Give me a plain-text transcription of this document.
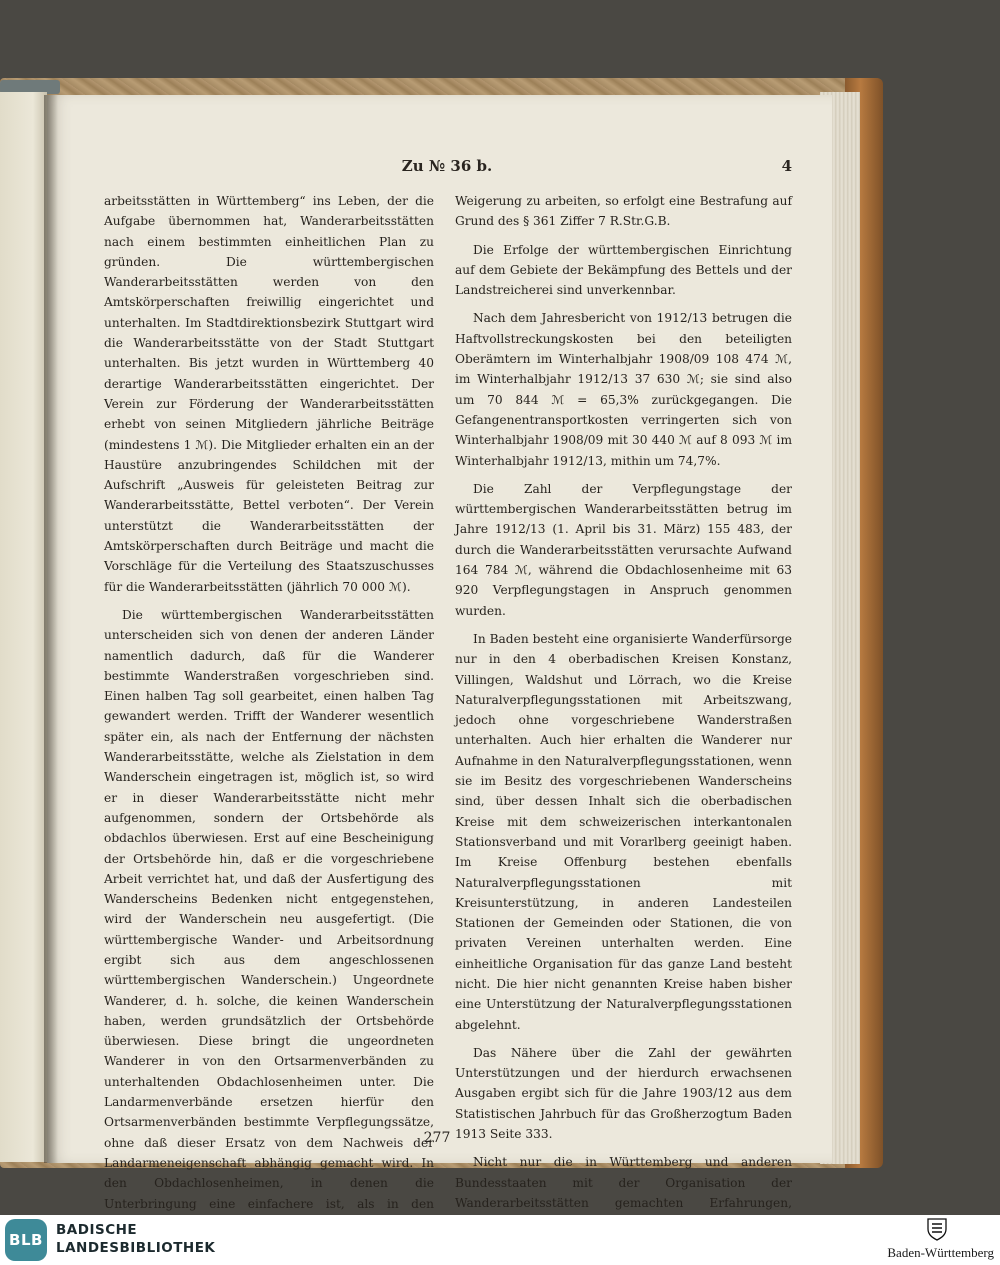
Zu № 36 b.	4

arbeitsstätten in Württemberg“ ins Leben, der die Aufgabe übernommen hat, Wanderarbeitsstätten nach einem bestimmten einheitlichen Plan zu gründen. Die württembergischen Wanderarbeitsstätten werden von den Amtskörperschaften freiwillig eingerichtet und unterhalten. Im Stadtdirektionsbezirk Stuttgart wird die Wanderarbeitsstätte von der Stadt Stuttgart unterhalten. Bis jetzt wurden in Württemberg 40 derartige Wanderarbeitsstätten eingerichtet. Der Verein zur Förderung der Wanderarbeitsstätten erhebt von seinen Mitgliedern jährliche Beiträge (mindestens 1 ℳ). Die Mitglieder erhalten ein an der Haustüre anzubringendes Schildchen mit der Aufschrift „Ausweis für geleisteten Beitrag zur Wanderarbeitsstätte, Bettel verboten“. Der Verein unterstützt die Wanderarbeitsstätten der Amtskörperschaften durch Beiträge und macht die Vorschläge für die Verteilung des Staatszuschusses für die Wanderarbeitsstätten (jährlich 70 000 ℳ).

Die württembergischen Wanderarbeitsstätten unterscheiden sich von denen der anderen Länder namentlich dadurch, daß für die Wanderer bestimmte Wanderstraßen vorgeschrieben sind. Einen halben Tag soll gearbeitet, einen halben Tag gewandert werden. Trifft der Wanderer wesentlich später ein, als nach der Entfernung der nächsten Wanderarbeitsstätte, welche als Zielstation in dem Wanderschein eingetragen ist, möglich ist, so wird er in dieser Wanderarbeitsstätte nicht mehr aufgenommen, sondern der Ortsbehörde als obdachlos überwiesen. Erst auf eine Bescheinigung der Ortsbehörde hin, daß er die vorgeschriebene Arbeit verrichtet hat, und daß der Ausfertigung des Wanderscheins Bedenken nicht entgegenstehen, wird der Wanderschein neu ausgefertigt. (Die württembergische Wander- und Arbeitsordnung ergibt sich aus dem angeschlossenen württembergischen Wanderschein.) Ungeordnete Wanderer, d. h. solche, die keinen Wanderschein haben, werden grundsätzlich der Ortsbehörde überwiesen. Diese bringt die ungeordneten Wanderer in von den Ortsarmenverbänden zu unterhaltenden Obdachlosenheimen unter. Die Landarmenverbände ersetzen hierfür den Ortsarmenverbänden bestimmte Verpflegungssätze, ohne daß dieser Ersatz von dem Nachweis der Landarmeneigenschaft abhängig gemacht wird. In den Obdachlosenheimen, in denen die Unterbringung eine einfachere ist, als in den

Weigerung zu arbeiten, so erfolgt eine Bestrafung auf Grund des § 361 Ziffer 7 R.Str.G.B.

Die Erfolge der württembergischen Einrichtung auf dem Gebiete der Bekämpfung des Bettels und der Landstreicherei sind unverkennbar.

Nach dem Jahresbericht von 1912/13 betrugen die Haftvollstreckungskosten bei den beteiligten Oberämtern im Winterhalbjahr 1908/09 108 474 ℳ, im Winterhalbjahr 1912/13 37 630 ℳ; sie sind also um 70 844 ℳ = 65,3% zurückgegangen. Die Gefangenentransportkosten verringerten sich von Winterhalbjahr 1908/09 mit 30 440 ℳ auf 8 093 ℳ im Winterhalbjahr 1912/13, mithin um 74,7%.

Die Zahl der Verpflegungstage der württembergischen Wanderarbeitsstätten betrug im Jahre 1912/13 (1. April bis 31. März) 155 483, der durch die Wanderarbeitsstätten verursachte Aufwand 164 784 ℳ, während die Obdachlosenheime mit 63 920 Verpflegungstagen in Anspruch genommen wurden.

In Baden besteht eine organisierte Wanderfürsorge nur in den 4 oberbadischen Kreisen Konstanz, Villingen, Waldshut und Lörrach, wo die Kreise Naturalverpflegungsstationen mit Arbeitszwang, jedoch ohne vorgeschriebene Wanderstraßen unterhalten. Auch hier erhalten die Wanderer nur Aufnahme in den Naturalverpflegungsstationen, wenn sie im Besitz des vorgeschriebenen Wanderscheins sind, über dessen Inhalt sich die oberbadischen Kreise mit dem schweizerischen interkantonalen Stationsverband und mit Vorarlberg geeinigt haben. Im Kreise Offenburg bestehen ebenfalls Naturalverpflegungsstationen mit Kreisunterstützung, in anderen Landesteilen Stationen der Gemeinden oder Stationen, die von privaten Vereinen unterhalten werden. Eine einheitliche Organisation für das ganze Land besteht nicht. Die hier nicht genannten Kreise haben bisher eine Unterstützung der Naturalverpflegungsstationen abgelehnt.

Das Nähere über die Zahl der gewährten Unterstützungen und der hierdurch erwachsenen Ausgaben ergibt sich für die Jahre 1903/12 aus dem Statistischen Jahrbuch für das Großherzogtum Baden 1913 Seite 333.

Nicht nur die in Württemberg und anderen Bundesstaaten mit der Organisation der Wanderarbeitsstätten gemachten Erfahrungen,

277
BLB
BADISCHE
LANDESBIBLIOTHEK	Baden-Württemberg
